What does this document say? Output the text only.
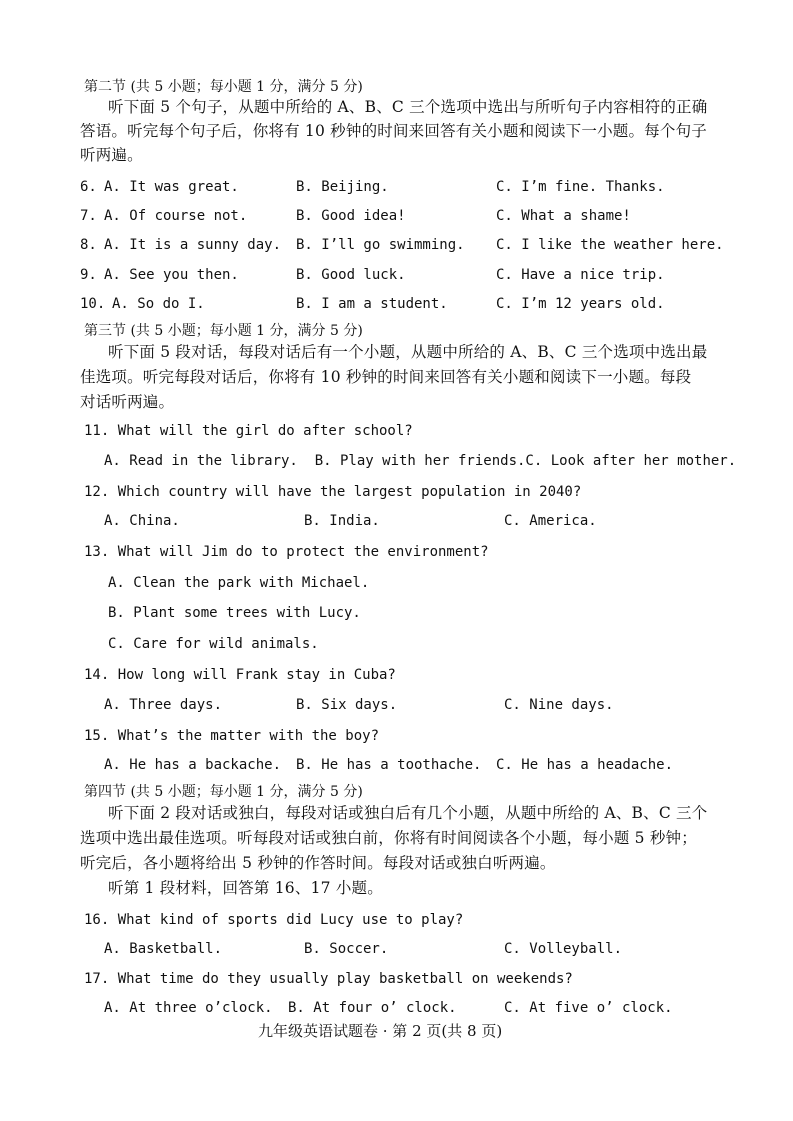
第二节 (共 5 小题；每小题 1 分，满分 5 分)
听下面 5 个句子，从题中所给的 A、B、C 三个选项中选出与所听句子内容相符的正确
答语。听完每个句子后，你将有 10 秒钟的时间来回答有关小题和阅读下一小题。每个句子
听两遍。
6. A. It was great.	B. Beijing.	C. I’m fine. Thanks.
7. A. Of course not.	B. Good idea!	C. What a shame!
8. A. It is a sunny day. B. I’ll go swimming. C. I like the weather here.
9. A. See you then.	B. Good luck.	C. Have a nice trip.
10. A. So do I.	B. I am a student.	C. I’m 12 years old.
第三节 (共 5 小题；每小题 1 分，满分 5 分)
听下面 5 段对话，每段对话后有一个小题，从题中所给的 A、B、C 三个选项中选出最
佳选项。听完每段对话后，你将有 10 秒钟的时间来回答有关小题和阅读下一小题。每段
对话听两遍。
11. What will the girl do after school?
A. Read in the library.  B. Play with her friends.C. Look after her mother.
12. Which country will have the largest population in 2040?
A. China.	B. India.	C. America.
13. What will Jim do to protect the environment?
A. Clean the park with Michael.
B. Plant some trees with Lucy.
C. Care for wild animals.
14. How long will Frank stay in Cuba?
A. Three days.	B. Six days.	C. Nine days.
15. What’s the matter with the boy?
A. He has a backache. B. He has a toothache. C. He has a headache.
第四节 (共 5 小题；每小题 1 分，满分 5 分)
听下面 2 段对话或独白，每段对话或独白后有几个小题，从题中所给的 A、B、C 三个
选项中选出最佳选项。听每段对话或独白前，你将有时间阅读各个小题，每小题 5 秒钟；
听完后，各小题将给出 5 秒钟的作答时间。每段对话或独白听两遍。
听第 1 段材料，回答第 16、17 小题。
16. What kind of sports did Lucy use to play?
A. Basketball.	B. Soccer.	C. Volleyball.
17. What time do they usually play basketball on weekends?
A. At three o’clock. B. At four o’ clock.	C. At five o’ clock.
九年级英语试题卷 · 第 2 页(共 8 页)
